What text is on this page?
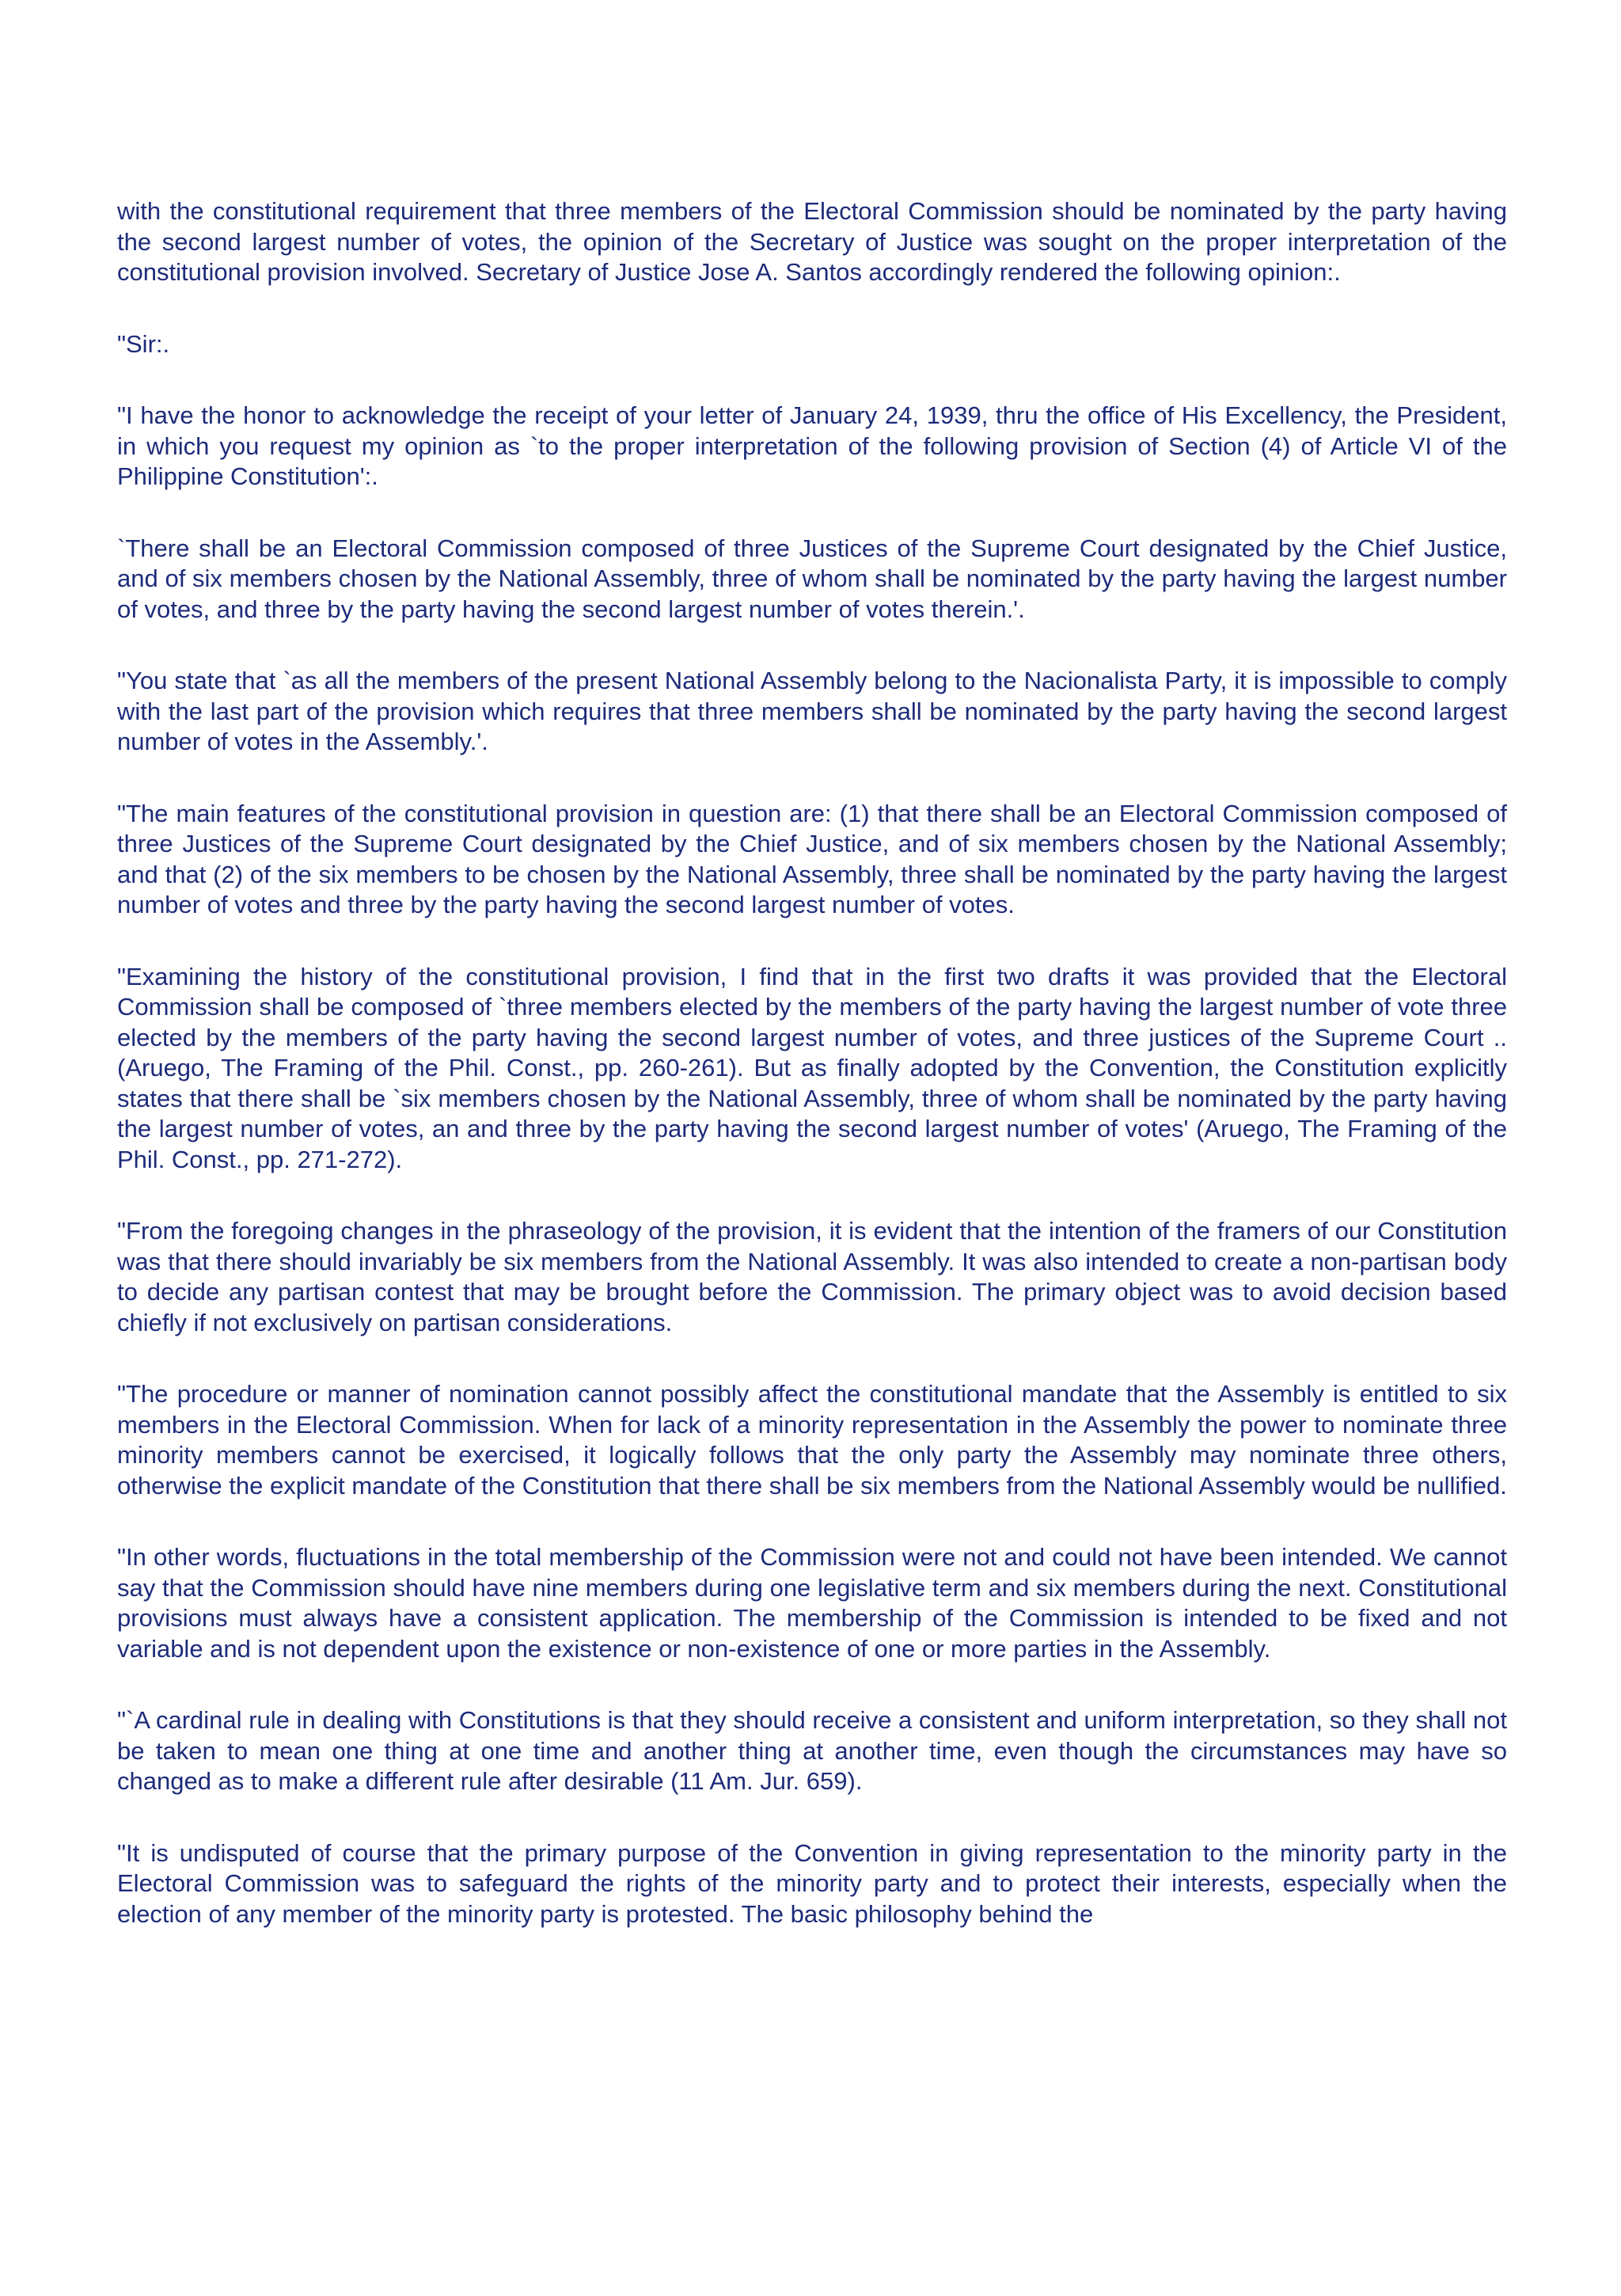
with the constitutional requirement that three members of the Electoral Commission should be nominated by the party having the second largest number of votes, the opinion of the Secretary of Justice was sought on the proper interpretation of the constitutional provision involved. Secretary of Justice Jose A. Santos accordingly rendered the following opinion:.

"Sir:.

"I have the honor to acknowledge the receipt of your letter of January 24, 1939, thru the office of His Excellency, the President, in which you request my opinion as `to the proper interpretation of the following provision of Section (4) of Article VI of the Philippine Constitution':.

`There shall be an Electoral Commission composed of three Justices of the Supreme Court designated by the Chief Justice, and of six members chosen by the National Assembly, three of whom shall be nominated by the party having the largest number of votes, and three by the party having the second largest number of votes therein.'.

"You state that `as all the members of the present National Assembly belong to the Nacionalista Party, it is impossible to comply with the last part of the provision which requires that three members shall be nominated by the party having the second largest number of votes in the Assembly.'.

"The main features of the constitutional provision in question are: (1) that there shall be an Electoral Commission composed of three Justices of the Supreme Court designated by the Chief Justice, and of six members chosen by the National Assembly; and that (2) of the six members to be chosen by the National Assembly, three shall be nominated by the party having the largest number of votes and three by the party having the second largest number of votes.

"Examining the history of the constitutional provision, I find that in the first two drafts it was provided that the Electoral Commission shall be composed of `three members elected by the members of the party having the largest number of vote three elected by the members of the party having the second largest number of votes, and three justices of the Supreme Court ..(Aruego, The Framing of the Phil. Const., pp. 260-261). But as finally adopted by the Convention, the Constitution explicitly states that there shall be `six members chosen by the National Assembly, three of whom shall be nominated by the party having the largest number of votes, an and three by the party having the second largest number of votes' (Aruego, The Framing of the Phil. Const., pp. 271-272).

"From the foregoing changes in the phraseology of the provision, it is evident that the intention of the framers of our Constitution was that there should invariably be six members from the National Assembly. It was also intended to create a non-partisan body to decide any partisan contest that may be brought before the Commission. The primary object was to avoid decision based chiefly if not exclusively on partisan considerations.

"The procedure or manner of nomination cannot possibly affect the constitutional mandate that the Assembly is entitled to six members in the Electoral Commission. When for lack of a minority representation in the Assembly the power to nominate three minority members cannot be exercised, it logically follows that the only party the Assembly may nominate three others, otherwise the explicit mandate of the Constitution that there shall be six members from the National Assembly would be nullified.

"In other words, fluctuations in the total membership of the Commission were not and could not have been intended. We cannot say that the Commission should have nine members during one legislative term and six members during the next. Constitutional provisions must always have a consistent application. The membership of the Commission is intended to be fixed and not variable and is not dependent upon the existence or non-existence of one or more parties in the Assembly.

"`A cardinal rule in dealing with Constitutions is that they should receive a consistent and uniform interpretation, so they shall not be taken to mean one thing at one time and another thing at another time, even though the circumstances may have so changed as to make a different rule after desirable (11 Am. Jur. 659).

"It is undisputed of course that the primary purpose of the Convention in giving representation to the minority party in the Electoral Commission was to safeguard the rights of the minority party and to protect their interests, especially when the election of any member of the minority party is protested. The basic philosophy behind the
